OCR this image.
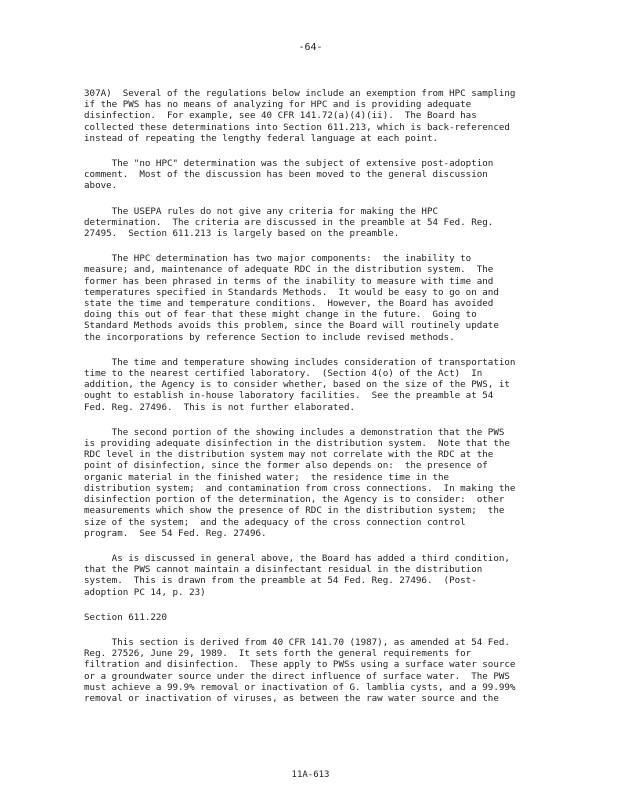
-64-
307A)  Several of the regulations below include an exemption from HPC sampling
if the PWS has no means of analyzing for HPC and is providing adequate
disinfection.  For example, see 40 CFR 141.72(a)(4)(ii).  The Board has
collected these determinations into Section 611.213, which is back-referenced
instead of repeating the lengthy federal language at each point.
The "no HPC" determination was the subject of extensive post-adoption
comment.  Most of the discussion has been moved to the general discussion
above.
The USEPA rules do not give any criteria for making the HPC
determination.  The criteria are discussed in the preamble at 54 Fed. Reg.
27495.  Section 611.213 is largely based on the preamble.
The HPC determination has two major components:  the inability to
measure; and, maintenance of adequate RDC in the distribution system.  The
former has been phrased in terms of the inability to measure with time and
temperatures specified in Standards Methods.  It would be easy to go on and
state the time and temperature conditions.  However, the Board has avoided
doing this out of fear that these might change in the future.  Going to
Standard Methods avoids this problem, since the Board will routinely update
the incorporations by reference Section to include revised methods.
The time and temperature showing includes consideration of transportation
time to the nearest certified laboratory.  (Section 4(o) of the Act)  In
addition, the Agency is to consider whether, based on the size of the PWS, it
ought to establish in-house laboratory facilities.  See the preamble at 54
Fed. Reg. 27496.  This is not further elaborated.
The second portion of the showing includes a demonstration that the PWS
is providing adequate disinfection in the distribution system.  Note that the
RDC level in the distribution system may not correlate with the RDC at the
point of disinfection, since the former also depends on:  the presence of
organic material in the finished water;  the residence time in the
distribution system;  and contamination from cross connections.  In making the
disinfection portion of the determination, the Agency is to consider:  other
measurements which show the presence of RDC in the distribution system;  the
size of the system;  and the adequacy of the cross connection control
program.  See 54 Fed. Reg. 27496.
As is discussed in general above, the Board has added a third condition,
that the PWS cannot maintain a disinfectant residual in the distribution
system.  This is drawn from the preamble at 54 Fed. Reg. 27496.  (Post-
adoption PC 14, p. 23)
Section 611.220
This section is derived from 40 CFR 141.70 (1987), as amended at 54 Fed.
Reg. 27526, June 29, 1989.  It sets forth the general requirements for
filtration and disinfection.  These apply to PWSs using a surface water source
or a groundwater source under the direct influence of surface water.  The PWS
must achieve a 99.9% removal or inactivation of G. lamblia cysts, and a 99.99%
removal or inactivation of viruses, as between the raw water source and the
11A-613
